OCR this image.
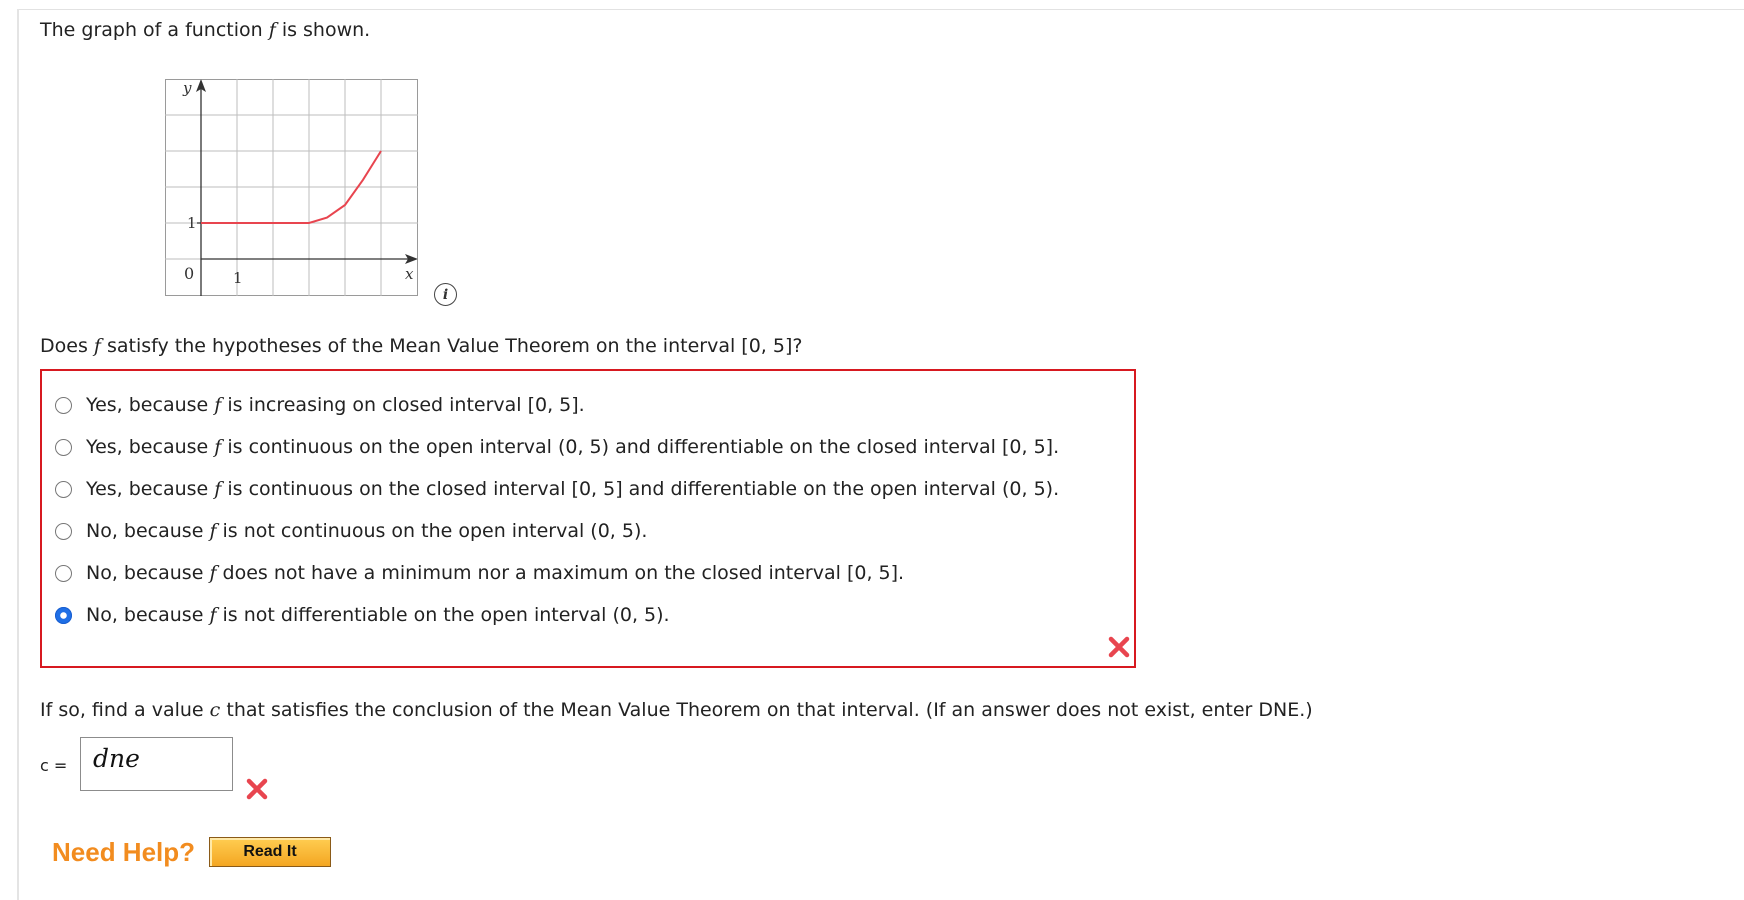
The graph of a function f is shown.
y
x
0
1
1
i
Does f satisfy the hypotheses of the Mean Value Theorem on the interval [0, 5]?
Yes, because f is increasing on closed interval [0, 5].
Yes, because f is continuous on the open interval (0, 5) and differentiable on the closed interval [0, 5].
Yes, because f is continuous on the closed interval [0, 5] and differentiable on the open interval (0, 5).
No, because f is not continuous on the open interval (0, 5).
No, because f does not have a minimum nor a maximum on the closed interval [0, 5].
No, because f is not differentiable on the open interval (0, 5).
If so, find a value c that satisfies the conclusion of the Mean Value Theorem on that interval. (If an answer does not exist, enter DNE.)
c =	dne
Need Help?	Read It
